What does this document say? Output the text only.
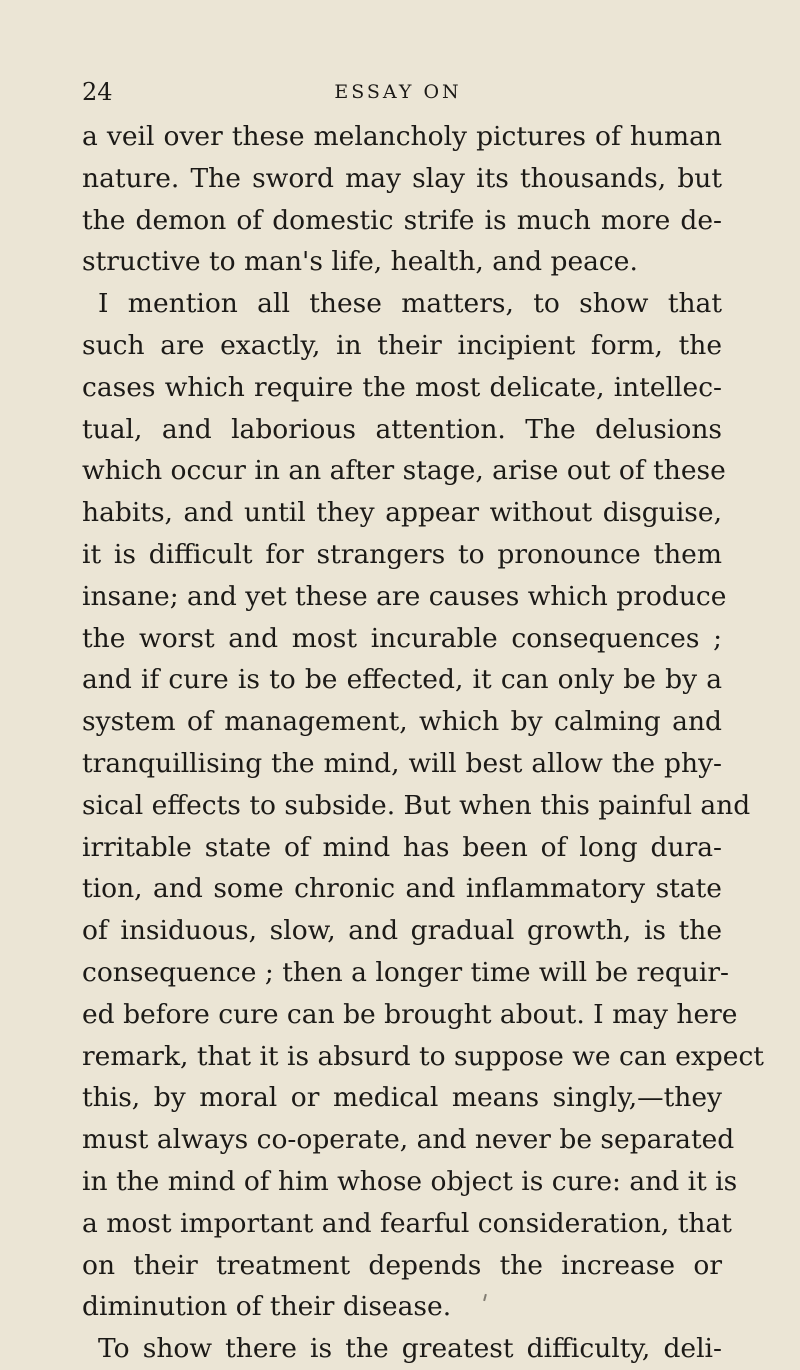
24	ESSAY ON
a veil over these melancholy pictures of human
nature. The sword may slay its thousands, but
the demon of domestic strife is much more de-
structive to man's life, health, and peace.
I mention all these matters, to show that
such are exactly, in their incipient form, the
cases which require the most delicate, intellec-
tual, and laborious attention. The delusions
which occur in an after stage, arise out of these
habits, and until they appear without disguise,
it is difficult for strangers to pronounce them
insane; and yet these are causes which produce
the worst and most incurable consequences ;
and if cure is to be effected, it can only be by a
system of management, which by calming and
tranquillising the mind, will best allow the phy-
sical effects to subside. But when this painful and
irritable state of mind has been of long dura-
tion, and some chronic and inflammatory state
of insiduous, slow, and gradual growth, is the
consequence ; then a longer time will be requir-
ed before cure can be brought about. I may here
remark, that it is absurd to suppose we can expect
this, by moral or medical means singly,—they
must always co-operate, and never be separated
in the mind of him whose object is cure: and it is
a most important and fearful consideration, that
on their treatment depends the increase or
diminution of their disease.
To show there is the greatest difficulty, deli-
